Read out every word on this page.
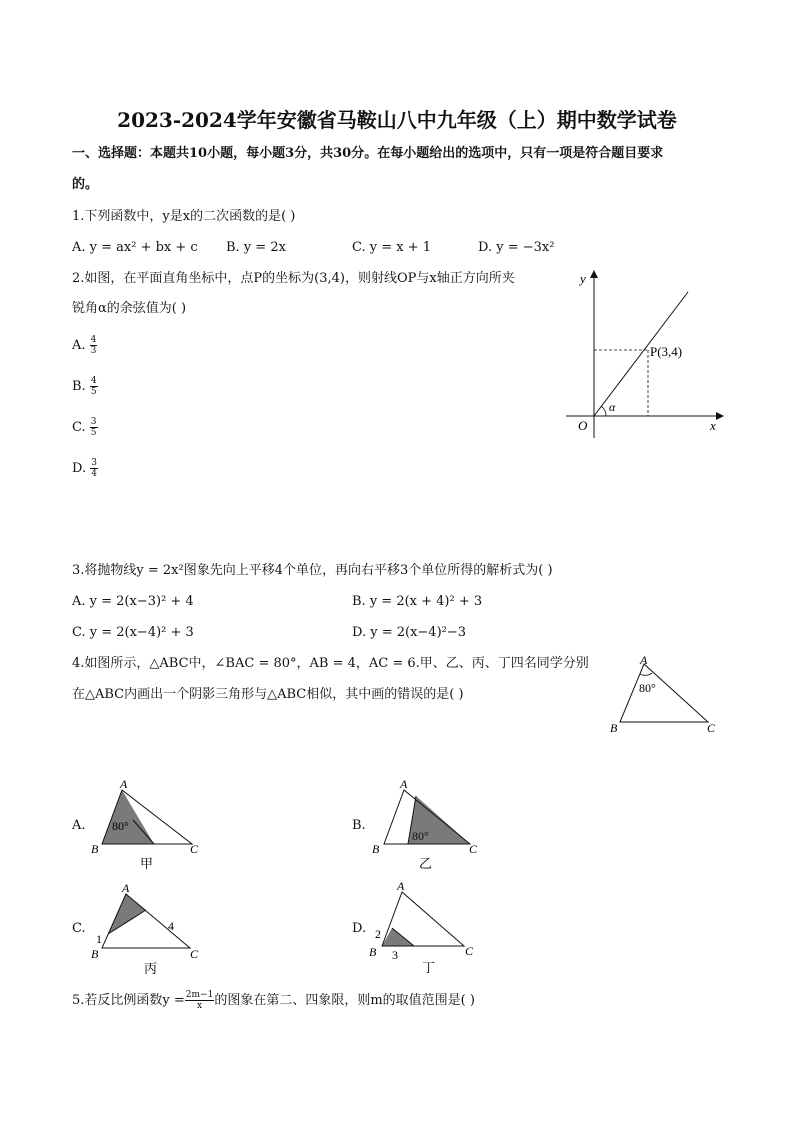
2023-2024学年安徽省马鞍山八中九年级（上）期中数学试卷
一、选择题：本题共10小题，每小题3分，共30分。在每小题给出的选项中，只有一项是符合题目要求
的。
1.下列函数中，y是x的二次函数的是( )
A. y = ax² + bx + c B. y = 2x	C. y = x + 1	D. y = −3x²
2.如图，在平面直角坐标中，点P的坐标为(3,4)，则射线OP与x轴正方向所夹
锐角α的余弦值为( )
A. $\frac{4}{3}$
B. $\frac{4}{5}$
C. $\frac{3}{5}$
D. $\frac{3}{4}$
y
x
O
α
P(3,4)
3.将抛物线y = 2x²图象先向上平移4个单位，再向右平移3个单位所得的解析式为( )
A. y = 2(x−3)² + 4	B. y = 2(x + 4)² + 3
C. y = 2(x−4)² + 3	D. y = 2(x−4)²−3
4.如图所示，△ABC中，∠BAC = 80°，AB = 4，AC = 6.甲、乙、丙、丁四名同学分别
在△ABC内画出一个阴影三角形与△ABC相似，其中画的错误的是( )
A
B	C
80°
A.
A
B	C
80°
甲
B.
A
B	C
80°
乙
C.
A
B	C
1
4
丙
D.
A
B	C
2
3
丁
5.若反比例函数$y = \frac{2m-1}{x}$ 的图象在第二、四象限，则m的取值范围是( )
